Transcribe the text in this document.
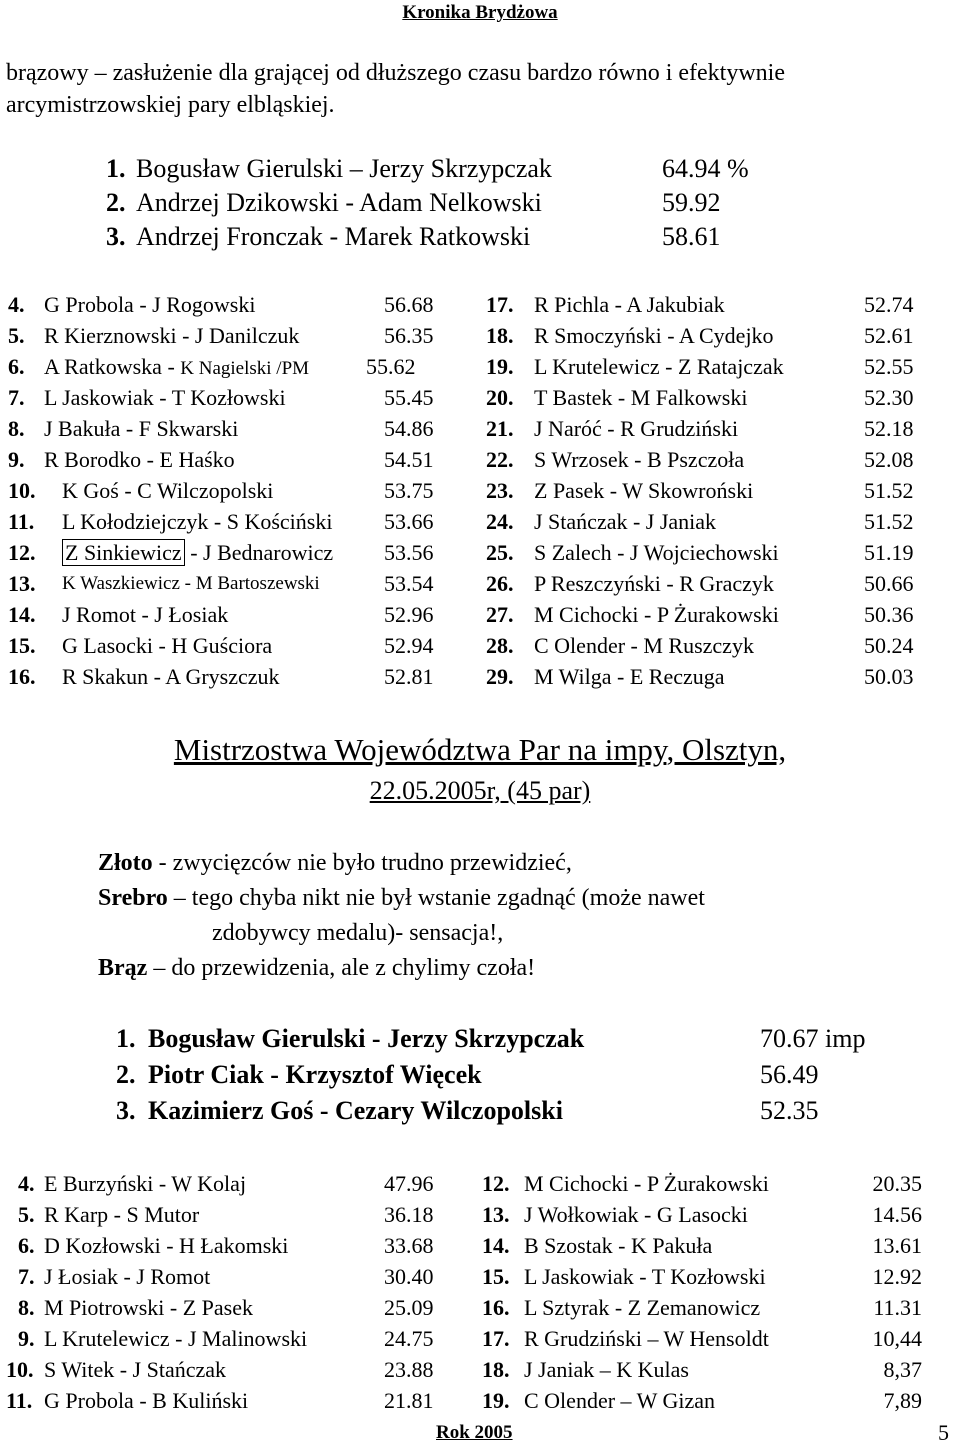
Kronika Brydżowa
brązowy – zasłużenie dla grającej od dłuższego czasu bardzo równo i efektywnie
arcymistrzowskiej pary elbląskiej.
1. Bogusław Gierulski – Jerzy Skrzypczak	64.94 %
2. Andrzej Dzikowski - Adam Nelkowski	59.92
3. Andrzej Fronczak - Marek Ratkowski	58.61
4. G Probola - J Rogowski	56.68
5. R Kierznowski - J Danilczuk	56.35
6. A Ratkowska - K Nagielski /PM	55.62
7. L Jaskowiak - T Kozłowski	55.45
8. J Bakuła - F Skwarski	54.86
9. R Borodko - E Haśko	54.51
10. K Goś - C Wilczopolski	53.75
11. L Kołodziejczyk - S Kościński 53.66
12. Z Sinkiewicz - J Bednarowicz 53.56
13. K Waszkiewicz - M Bartoszewski	53.54
14. J Romot - J Łosiak	52.96
15. G Lasocki - H Guściora	52.94
16. R Skakun - A Gryszczuk	52.81
17. R Pichla - A Jakubiak	52.74
18. R Smoczyński - A Cydejko	52.61
19. L Krutelewicz - Z Ratajczak	52.55
20. T Bastek - M Falkowski	52.30
21. J Naróć - R Grudziński	52.18
22. S Wrzosek - B Pszczoła	52.08
23. Z Pasek - W Skowroński	51.52
24. J Stańczak - J Janiak	51.52
25. S Zalech - J Wojciechowski	51.19
26. P Reszczyński - R Graczyk	50.66
27. M Cichocki - P Żurakowski	50.36
28. C Olender - M Ruszczyk	50.24
29. M Wilga - E Reczuga	50.03
Mistrzostwa Województwa Par na impy, Olsztyn,
22.05.2005r, (45 par)
Złoto - zwycięzców nie było trudno przewidzieć,
Srebro – tego chyba nikt nie był wstanie zgadnąć (może nawet
zdobywcy medalu)- sensacja!,
Brąz – do przewidzenia, ale z chylimy czoła!
1. Bogusław Gierulski - Jerzy Skrzypczak	70.67 imp
2. Piotr Ciak - Krzysztof Więcek	56.49
3. Kazimierz Goś - Cezary Wilczopolski	52.35
4. E Burzyński - W Kolaj	47.96
5. R Karp - S Mutor	36.18
6. D Kozłowski - H Łakomski	33.68
7. J Łosiak - J Romot	30.40
8. M Piotrowski - Z Pasek	25.09
9. L Krutelewicz - J Malinowski	24.75
10. S Witek - J Stańczak	23.88
11. G Probola - B Kuliński	21.81
12. M Cichocki - P Żurakowski	20.35
13. J Wołkowiak - G Lasocki	14.56
14. B Szostak - K Pakuła	13.61
15. L Jaskowiak - T Kozłowski	12.92
16. L Sztyrak - Z Zemanowicz	11.31
17. R Grudziński – W Hensoldt	10,44
18. J Janiak – K Kulas	8,37
19. C Olender – W Gizan	7,89
Rok 2005	5
